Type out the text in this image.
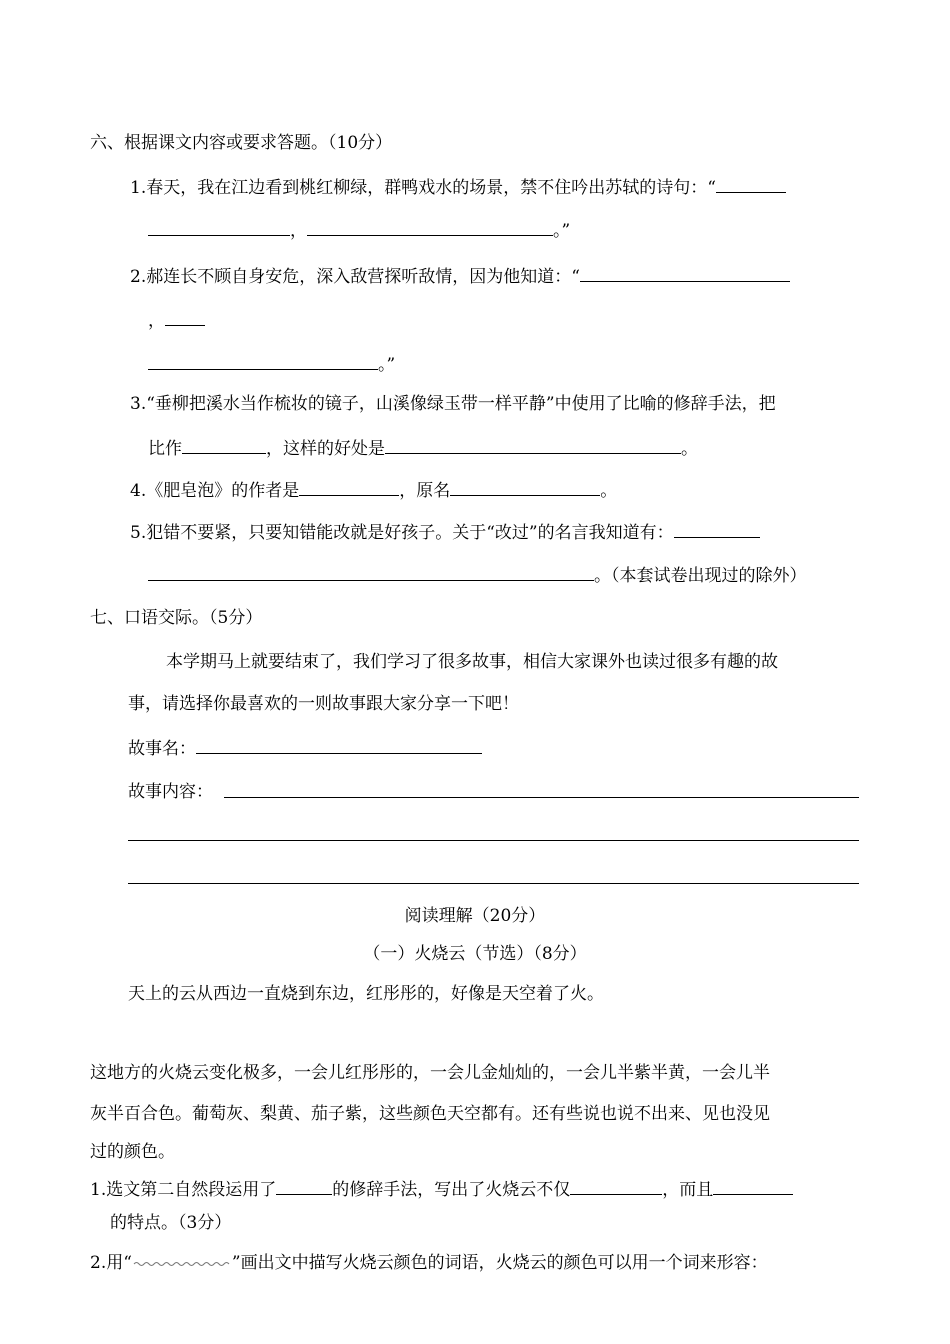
六、根据课文内容或要求答题。（10分）
1.春天，我在江边看到桃红柳绿，群鸭戏水的场景，禁不住吟出苏轼的诗句：“
，	。”
2.郝连长不顾自身安危，深入敌营探听敌情，因为他知道：“
，
。”
3.“垂柳把溪水当作梳妆的镜子，山溪像绿玉带一样平静”中使用了比喻的修辞手法，把
比作	，这样的好处是	。
4.《肥皂泡》的作者是	，原名	。
5.犯错不要紧，只要知错能改就是好孩子。关于“改过”的名言我知道有：
。（本套试卷出现过的除外）
七、口语交际。（5分）
本学期马上就要结束了，我们学习了很多故事，相信大家课外也读过很多有趣的故
事，请选择你最喜欢的一则故事跟大家分享一下吧！
故事名：
故事内容：
阅读理解（20分）
（一）火烧云（节选）（8分）
天上的云从西边一直烧到东边，红彤彤的，好像是天空着了火。
这地方的火烧云变化极多，一会儿红彤彤的，一会儿金灿灿的，一会儿半紫半黄，一会儿半
灰半百合色。葡萄灰、梨黄、茄子紫，这些颜色天空都有。还有些说也说不出来、见也没见
过的颜色。
1.选文第二自然段运用了	的修辞手法，写出了火烧云不仅	，而且
的特点。（3分）
2.用“	”画出文中描写火烧云颜色的词语，火烧云的颜色可以用一个词来形容：
